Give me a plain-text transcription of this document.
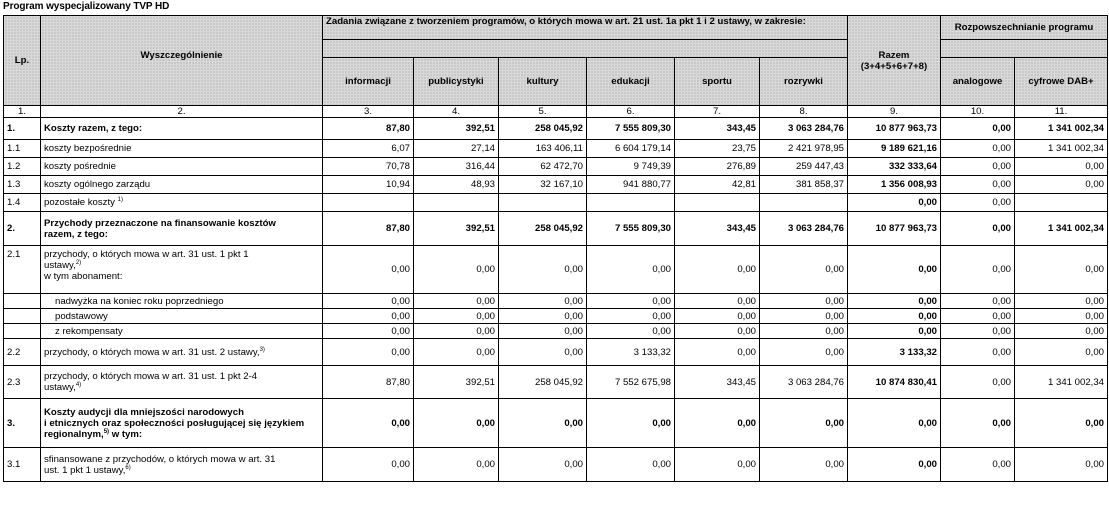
Program wyspecjalizowany TVP HD
Lp.	Wyszczególnienie	Zadania związane z tworzeniem programów, o których mowa w art. 21 ust. 1a pkt 1 i 2 ustawy, w zakresie:						Razem (3+4+5+6+7+8)	Rozpowszechnianie programu	

		informacji	publicystyki	kultury	edukacji	sportu	rozrywki		analogowe	cyfrowe DAB+
1.	2.	3.	4.	5.	6.	7.	8.	9.	10.	11.
1.	Koszty razem, z tego:	87,80	392,51	258 045,92	7 555 809,30	343,45	3 063 284,76	10 877 963,73	0,00	1 341 002,34
1.1	koszty bezpośrednie	6,07	27,14	163 406,11	6 604 179,14	23,75	2 421 978,95	9 189 621,16	0,00	1 341 002,34
1.2	koszty pośrednie	70,78	316,44	62 472,70	9 749,39	276,89	259 447,43	332 333,64	0,00	0,00
1.3	koszty ogólnego zarządu	10,94	48,93	32 167,10	941 880,77	42,81	381 858,37	1 356 008,93	0,00	0,00
1.4	pozostałe koszty $^{1)}$							0,00	0,00	
2.	Przychody przeznaczone na finansowanie kosztów
razem, z tego:	87,80	392,51	258 045,92	7 555 809,30	343,45	3 063 284,76	10 877 963,73	0,00	1 341 002,34
2.1	przychody, o których mowa w art. 31 ust. 1 pkt 1
ustawy,$^{2)}$
w tym abonament:	0,00	0,00	0,00	0,00	0,00	0,00	0,00	0,00	0,00
	nadwyżka na koniec roku poprzedniego	0,00	0,00	0,00	0,00	0,00	0,00	0,00	0,00	0,00
	podstawowy	0,00	0,00	0,00	0,00	0,00	0,00	0,00	0,00	0,00
	z rekompensaty	0,00	0,00	0,00	0,00	0,00	0,00	0,00	0,00	0,00
2.2	przychody, o których mowa w art. 31 ust. 2 ustawy,$^{3)}$	0,00	0,00	0,00	3 133,32	0,00	0,00	3 133,32	0,00	0,00
2.3	przychody, o których mowa w art. 31 ust. 1 pkt 2-4
ustawy,$^{4)}$	87,80	392,51	258 045,92	7 552 675,98	343,45	3 063 284,76	10 874 830,41	0,00	1 341 002,34
3.	Koszty audycji dla mniejszości narodowych
i etnicznych oraz społeczności posługującej się językiem
regionalnym,$^{5)}$ w tym:	0,00	0,00	0,00	0,00	0,00	0,00	0,00	0,00	0,00
3.1	sfinansowane z przychodów, o których mowa w art. 31
ust. 1 pkt 1 ustawy,$^{6)}$	0,00	0,00	0,00	0,00	0,00	0,00	0,00	0,00	0,00
